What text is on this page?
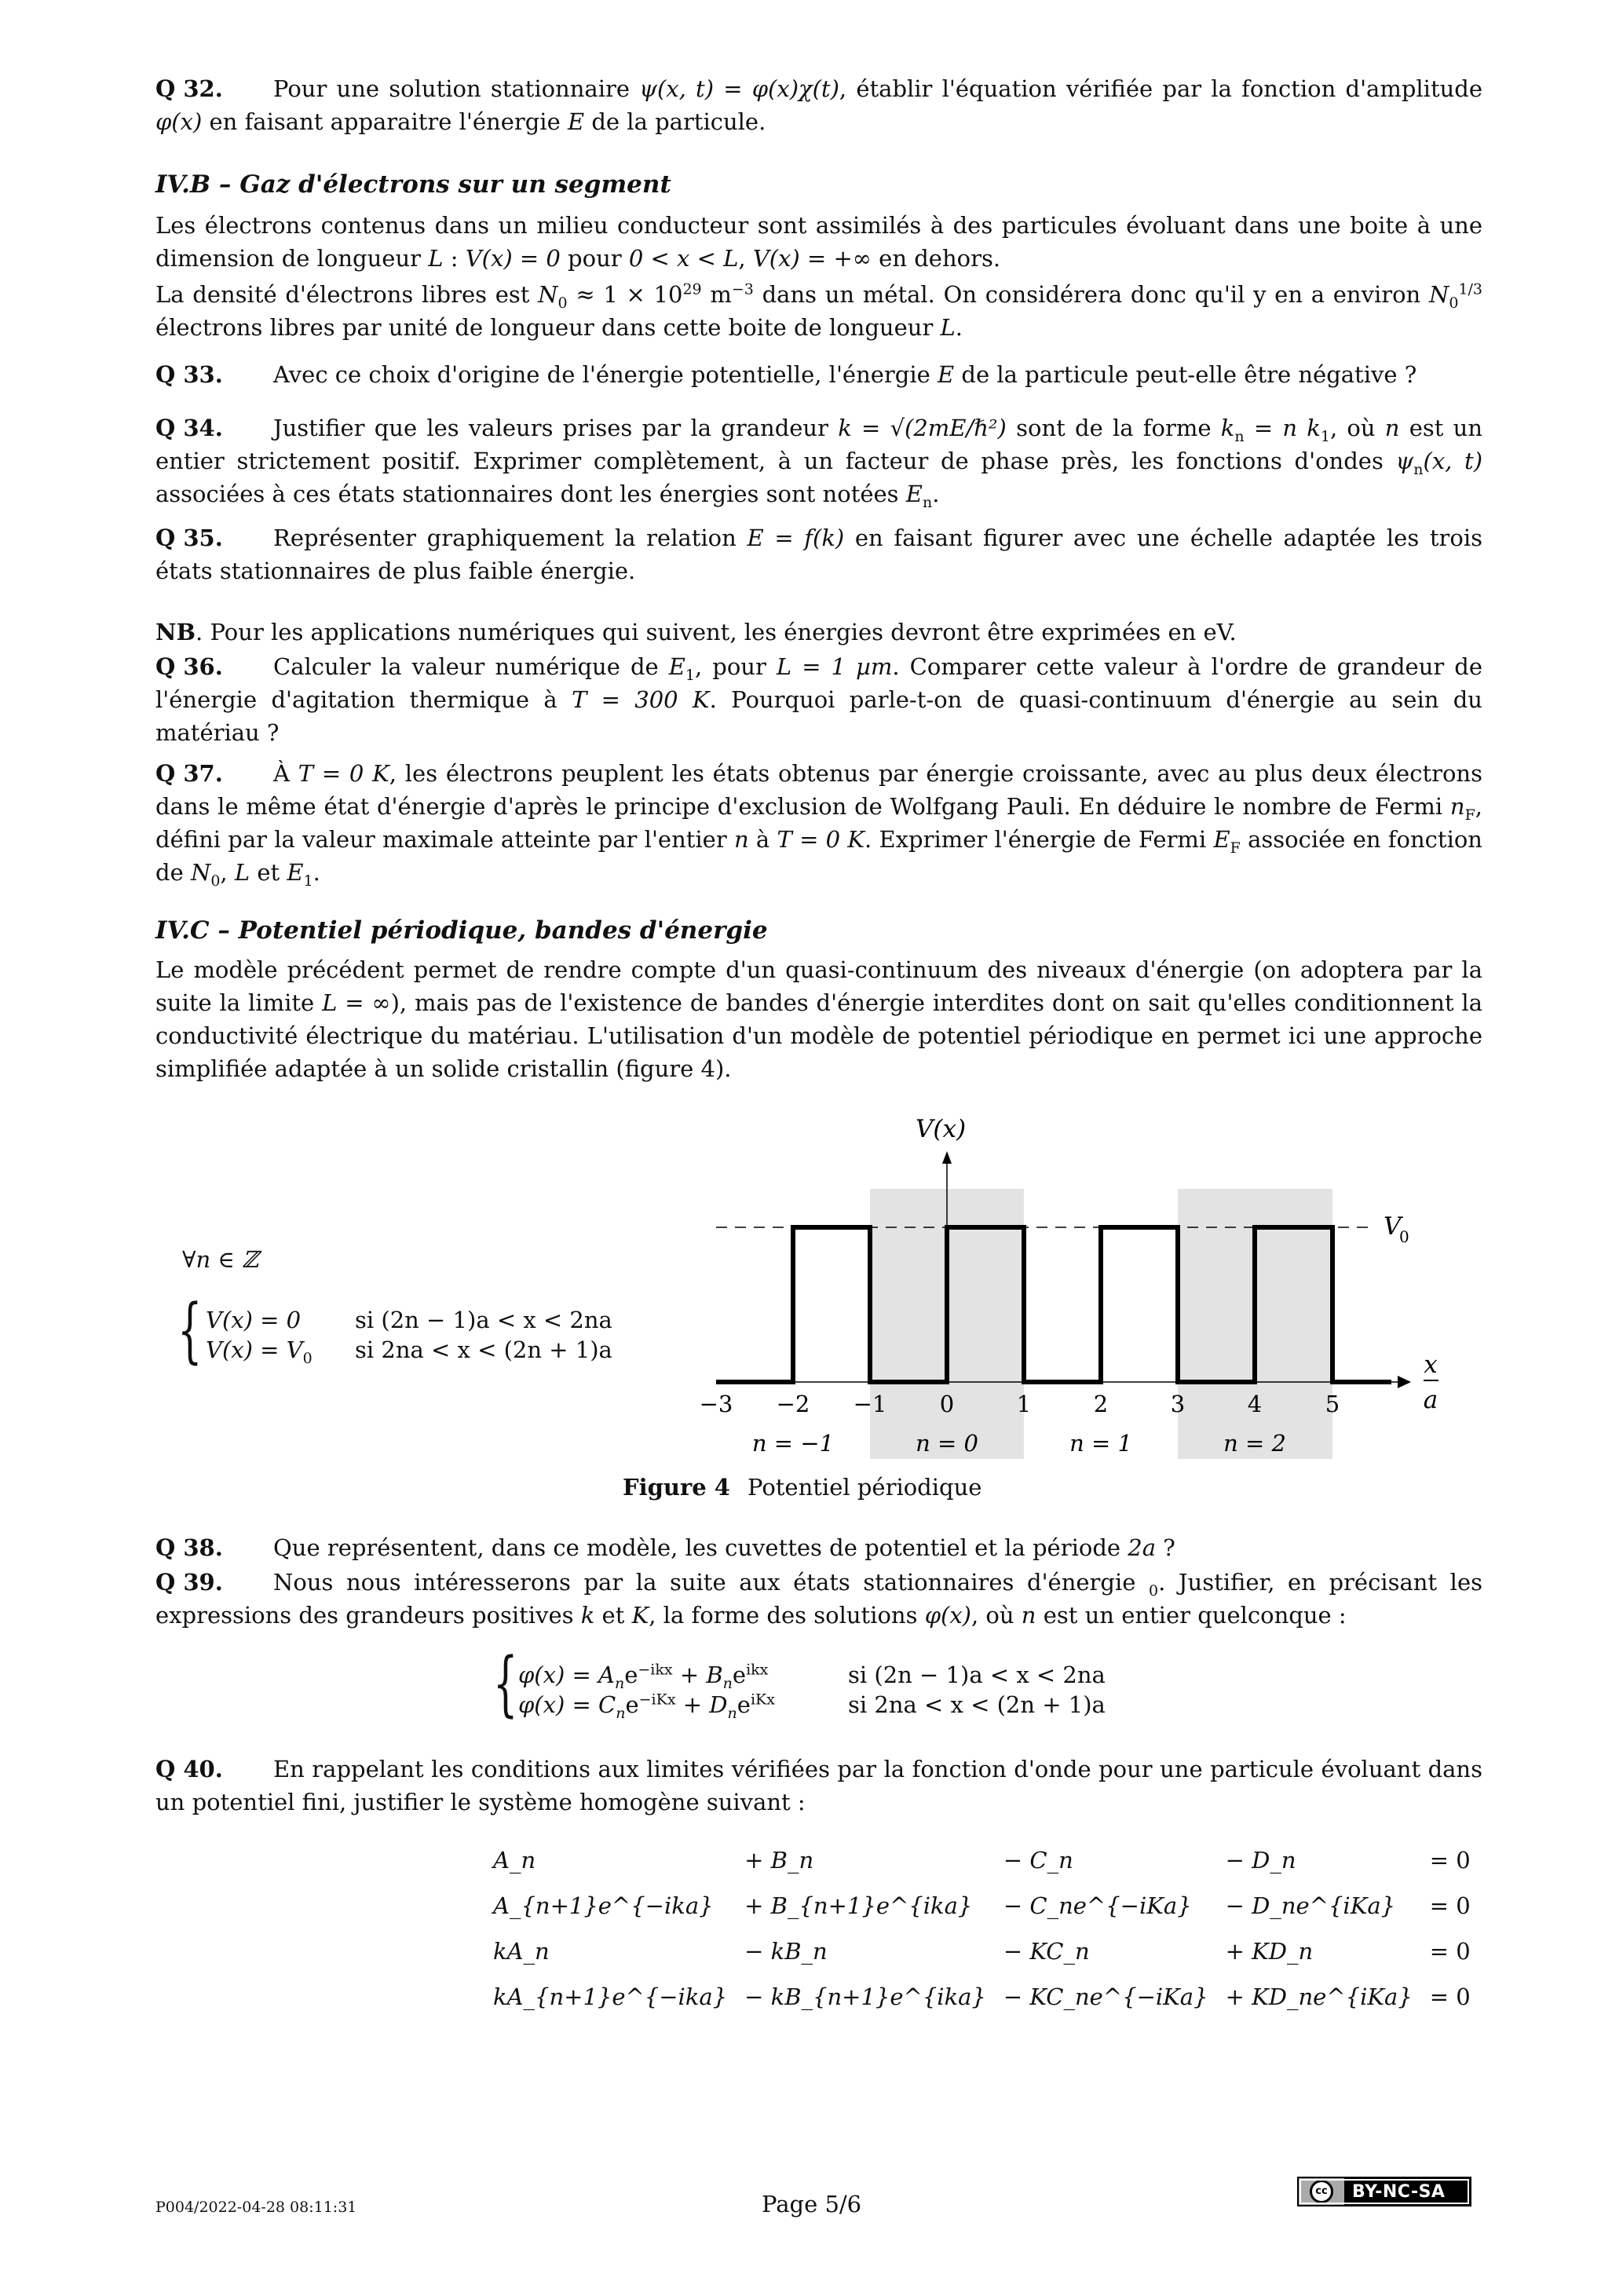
Q 32. Pour une solution stationnaire ψ(x, t) = φ(x)χ(t), établir l'équation vérifiée par la fonction d'amplitude φ(x) en faisant apparaitre l'énergie E de la particule.
IV.B – Gaz d'électrons sur un segment
Les électrons contenus dans un milieu conducteur sont assimilés à des particules évoluant dans une boite à une dimension de longueur L : V(x) = 0 pour 0 < x < L, V(x) = +∞ en dehors.
La densité d'électrons libres est $N_0 \approx 1 \times 10^{29}$ $m^{-3}$ dans un métal. On considérera donc qu'il y en a environ $N_0^{1/3}$ électrons libres par unité de longueur dans cette boite de longueur L.
Q 33. Avec ce choix d'origine de l'énergie potentielle, l'énergie E de la particule peut-elle être négative ?
Q 34. Justifier que les valeurs prises par la grandeur k = √(2mE/ℏ²) sont de la forme $k_n = n$ $k_1$, où n est un entier strictement positif. Exprimer complètement, à un facteur de phase près, les fonctions d'ondes $\psi_n(x$, t) associées à ces états stationnaires dont les énergies sont notées $E_n$.
Q 35. Représenter graphiquement la relation E = f(k) en faisant figurer avec une échelle adaptée les trois états stationnaires de plus faible énergie.
NB. Pour les applications numériques qui suivent, les énergies devront être exprimées en eV.
Q 36. Calculer la valeur numérique de $E_1$, pour L = 1 µm. Comparer cette valeur à l'ordre de grandeur de l'énergie d'agitation thermique à T = 300 K. Pourquoi parle-t-on de quasi-continuum d'énergie au sein du matériau ?
Q 37. À T = 0 K, les électrons peuplent les états obtenus par énergie croissante, avec au plus deux électrons dans le même état d'énergie d'après le principe d'exclusion de Wolfgang Pauli. En déduire le nombre de Fermi $n_F$, défini par la valeur maximale atteinte par l'entier n à T = 0 K. Exprimer l'énergie de Fermi $E_F$ associée en fonction de $N_0$, L et $E_1$.
IV.C – Potentiel périodique, bandes d'énergie
Le modèle précédent permet de rendre compte d'un quasi-continuum des niveaux d'énergie (on adoptera par la suite la limite L = ∞), mais pas de l'existence de bandes d'énergie interdites dont on sait qu'elles conditionnent la conductivité électrique du matériau. L'utilisation d'un modèle de potentiel périodique en permet ici une approche simplifiée adaptée à un solide cristallin (figure 4).
∀n ∈ ℤ
{ V(x) = 0 si (2n − 1)a < x < 2na
$V(x) = V_0$ si 2na < x < (2n + 1)a
V(x)
V
0
x
a
−3 −2 −1 0	1	2	3	4	5
n = −1	n = 0	n = 1	n = 2
Figure 4 Potentiel périodique
Q 38. Que représentent, dans ce modèle, les cuvettes de potentiel et la période 2a ?
Q 39. Nous nous intéresserons par la suite aux états stationnaires d'énergie $_0$. Justifier, en précisant les expressions des grandeurs positives k et K, la forme des solutions φ(x), où n est un entier quelconque :
{ $\varphi(x) = A_ne^{-ikx} + B_ne^{ikx}$	si (2n − 1)a < x < 2na
$\varphi(x) = C_ne^{-iKx} + D_ne^{iKx}$	si 2na < x < (2n + 1)a
Q 40. En rappelant les conditions aux limites vérifiées par la fonction d'onde pour une particule évoluant dans un potentiel fini, justifier le système homogène suivant :
A_n	+ B_n	− C_n	− D_n	= 0
A_{n+1}e^{−ika}	+ B_{n+1}e^{ika}	− C_ne^{−iKa}	− D_ne^{iKa}	= 0
kA_n	− kB_n	− KC_n	+ KD_n	= 0
kA_{n+1}e^{−ika}	− kB_{n+1}e^{ika}	− KC_ne^{−iKa}	+ KD_ne^{iKa}	= 0
P004/2022-04-28 08:11:31	Page 5/6	cc	BY-NC-SA
